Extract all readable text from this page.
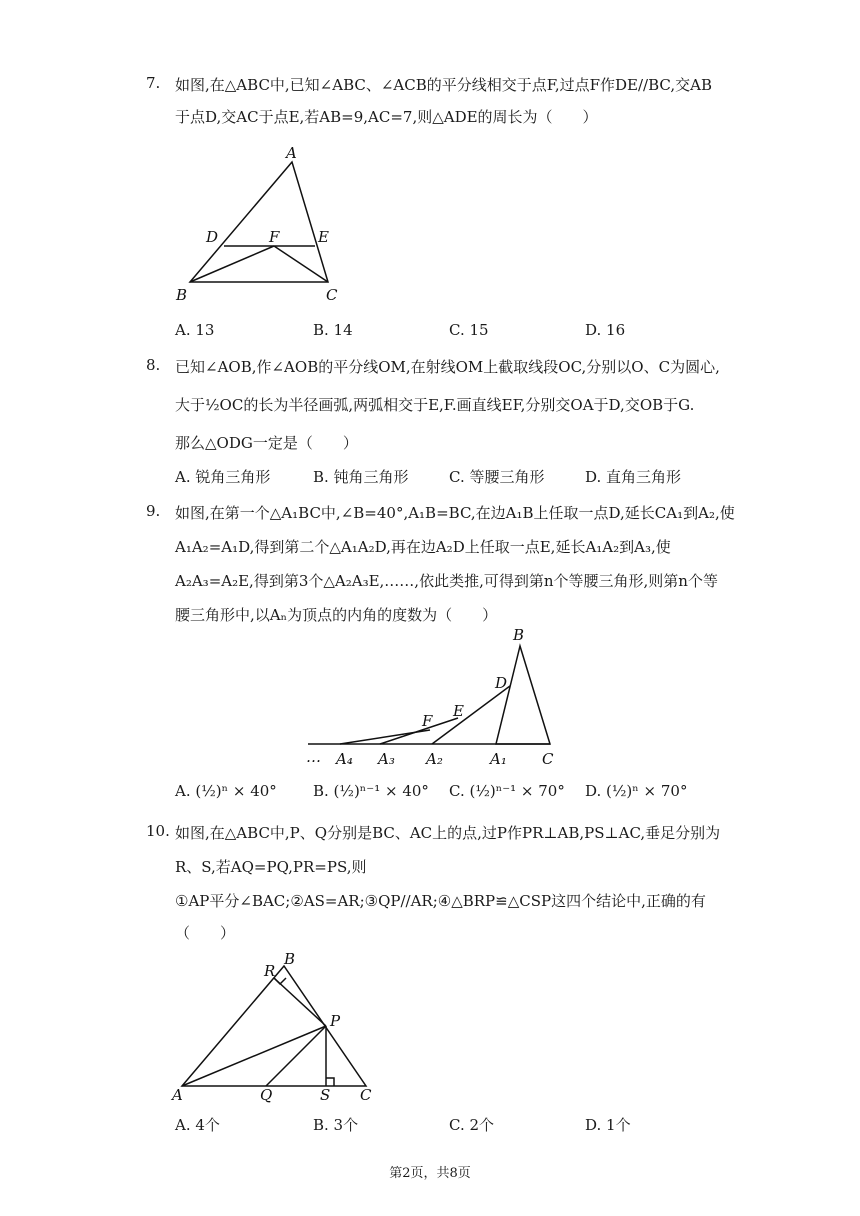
7. 如图,在△ABC中,已知∠ABC、∠ACB的平分线相交于点F,过点F作DE//BC,交AB
于点D,交AC于点E,若AB=9,AC=7,则△ADE的周长为（　　）
A
D	F	E
B	C
A. 13	B. 14	C. 15	D. 16
8. 已知∠AOB,作∠AOB的平分线OM,在射线OM上截取线段OC,分别以O、C为圆心,
大于½OC的长为半径画弧,两弧相交于E,F.画直线EF,分别交OA于D,交OB于G.
那么△ODG一定是（　　）
A. 锐角三角形	B. 钝角三角形	C. 等腰三角形	D. 直角三角形
9. 如图,在第一个△A₁BC中,∠B=40°,A₁B=BC,在边A₁B上任取一点D,延长CA₁到A₂,使
A₁A₂=A₁D,得到第二个△A₁A₂D,再在边A₂D上任取一点E,延长A₁A₂到A₃,使
A₂A₃=A₂E,得到第3个△A₂A₃E,……,依此类推,可得到第n个等腰三角形,则第n个等
腰三角形中,以Aₙ为顶点的内角的度数为（　　）
B
D
E
F
… A₄ A₃ A₂	A₁ C
A. (½)ⁿ × 40° B. (½)ⁿ⁻¹ × 40° C. (½)ⁿ⁻¹ × 70° D. (½)ⁿ × 70°
10. 如图,在△ABC中,P、Q分别是BC、AC上的点,过P作PR⊥AB,PS⊥AC,垂足分别为
R、S,若AQ=PQ,PR=PS,则
①AP平分∠BAC;②AS=AR;③QP//AR;④△BRP≌△CSP这四个结论中,正确的有
（　　）
R
B
P
A	Q	S C
A. 4个	B. 3个	C. 2个	D. 1个
第2页，共8页
